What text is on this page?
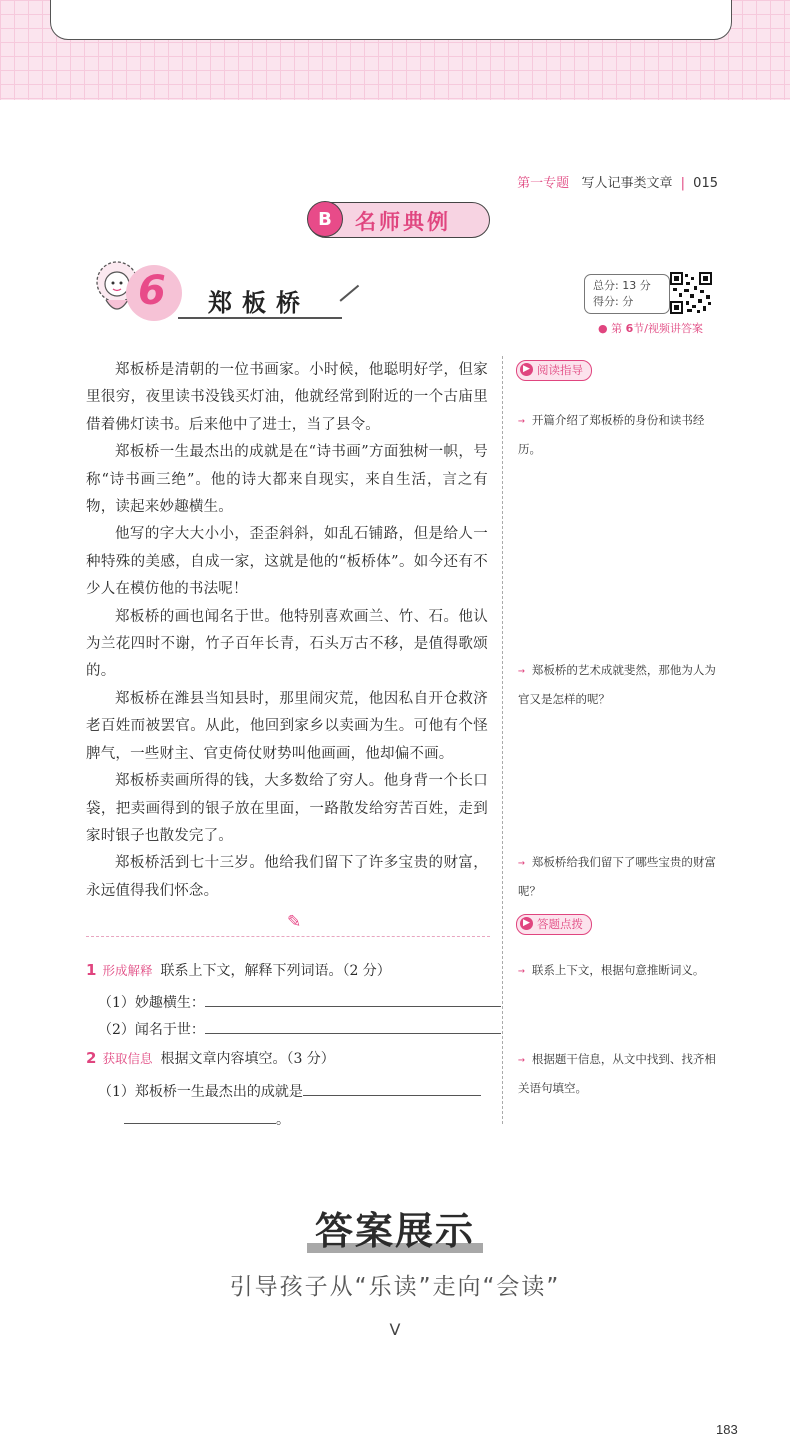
第一专题 写人记事类文章 | 015
B	名师典例
6 郑板桥
总分: 13 分
得分: 分
● 第 6节/视频讲答案

郑板桥是清朝的一位书画家。小时候，他聪明好学，但家里很穷，夜里读书没钱买灯油，他就经常到附近的一个古庙里借着佛灯读书。后来他中了进士，当了县令。

郑板桥一生最杰出的成就是在“诗书画”方面独树一帜，号称“诗书画三绝”。他的诗大都来自现实，来自生活，言之有物，读起来妙趣横生。

他写的字大大小小，歪歪斜斜，如乱石铺路，但是给人一种特殊的美感，自成一家，这就是他的“板桥体”。如今还有不少人在模仿他的书法呢！

郑板桥的画也闻名于世。他特别喜欢画兰、竹、石。他认为兰花四时不谢，竹子百年长青，石头万古不移，是值得歌颂的。

郑板桥在潍县当知县时，那里闹灾荒，他因私自开仓救济老百姓而被罢官。从此，他回到家乡以卖画为生。可他有个怪脾气，一些财主、官吏倚仗财势叫他画画，他却偏不画。

郑板桥卖画所得的钱，大多数给了穷人。他身背一个长口袋，把卖画得到的银子放在里面，一路散发给穷苦百姓，走到家时银子也散发完了。

郑板桥活到七十三岁。他给我们留下了许多宝贵的财富，永远值得我们怀念。

▶ 阅读指导
→ 开篇介绍了郑板桥的身份和读书经历。
→ 郑板桥的艺术成就斐然，那他为人为官又是怎样的呢？
→ 郑板桥给我们留下了哪些宝贵的财富呢？
▶ 答题点拨
→ 联系上下文，根据句意推断词义。
→ 根据题干信息，从文中找到、找齐相关语句填空。
✎
1 形成解释 联系上下文，解释下列词语。（2 分）
（1）妙趣横生：
（2）闻名于世：
2 获取信息 根据文章内容填空。（3 分）
（1）郑板桥一生最杰出的成就是
。
答案展示
引导孩子从“乐读”走向“会读”
V
183
